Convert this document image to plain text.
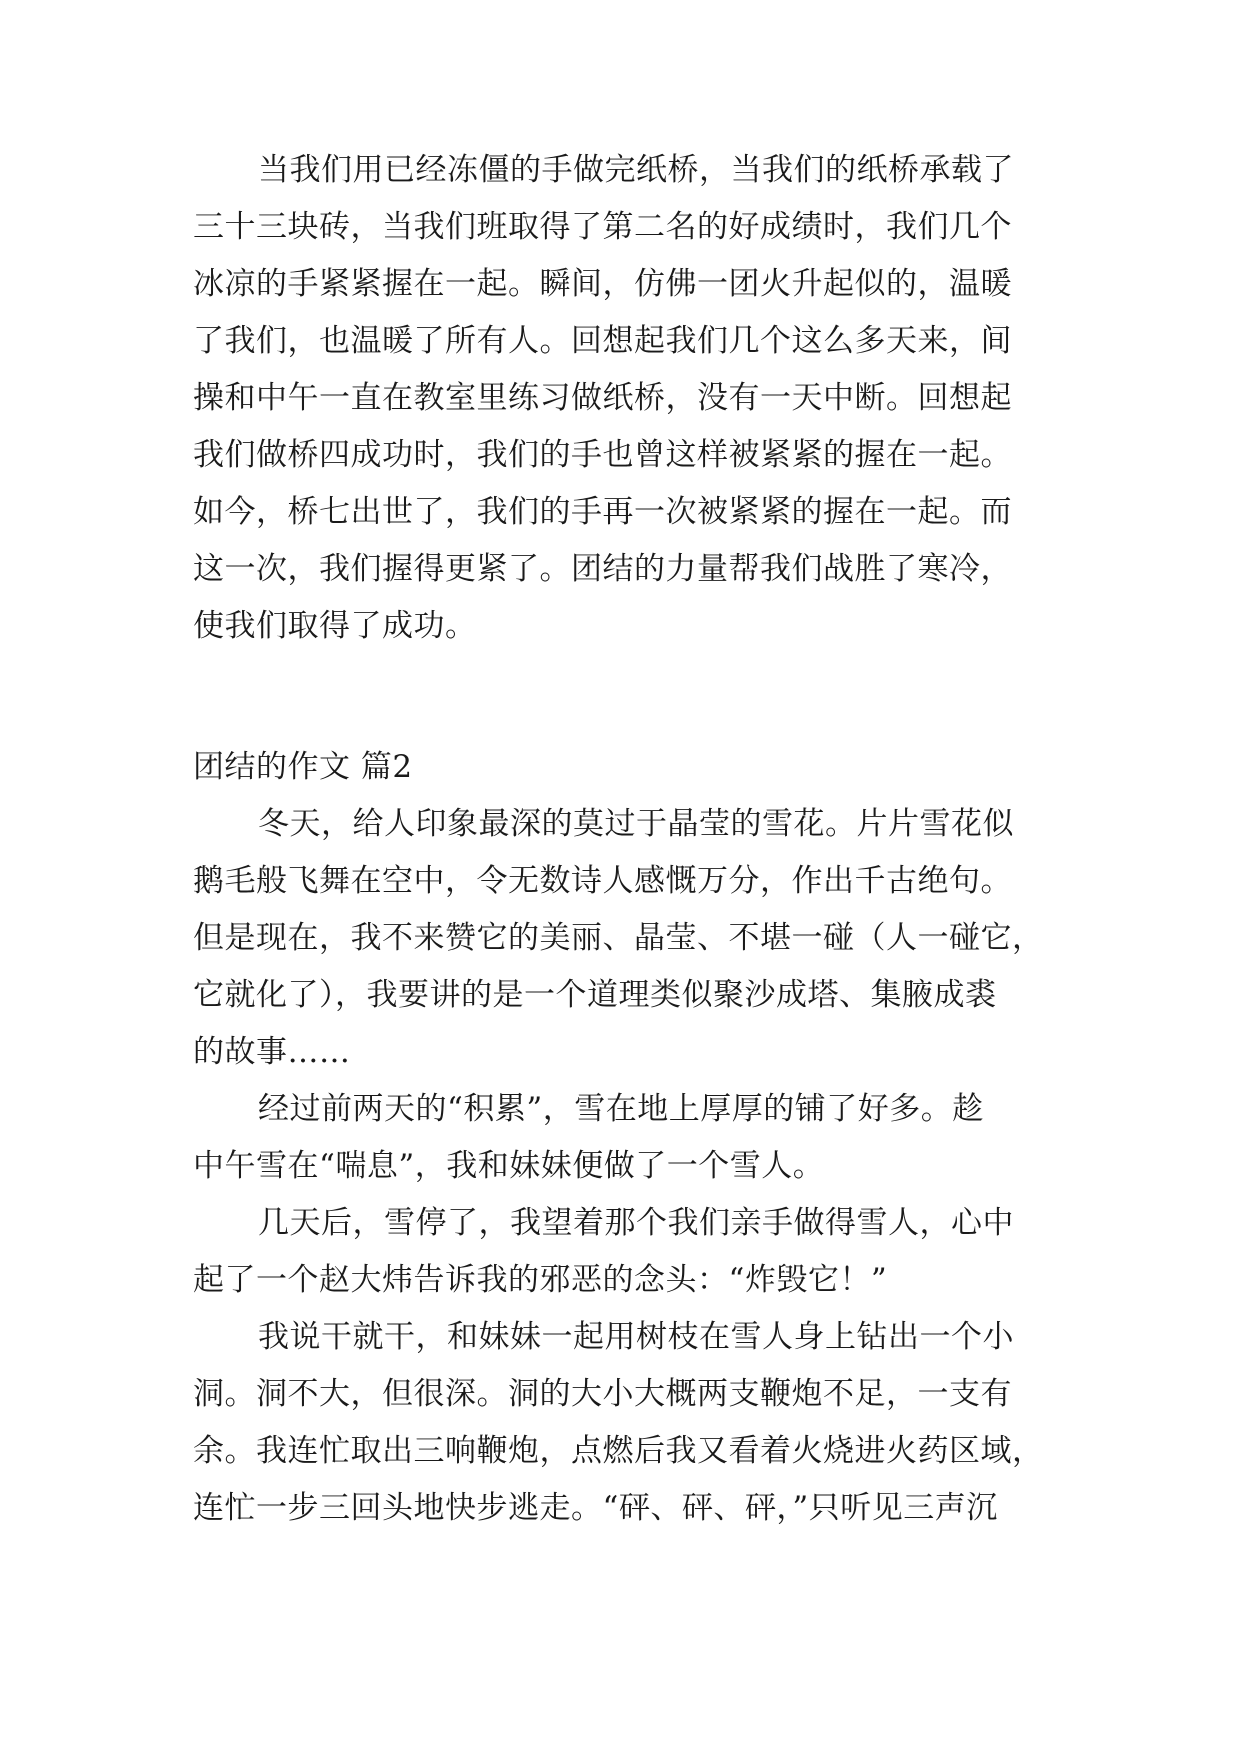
当我们用已经冻僵的手做完纸桥，当我们的纸桥承载了
三十三块砖，当我们班取得了第二名的好成绩时，我们几个
冰凉的手紧紧握在一起。瞬间，仿佛一团火升起似的，温暖
了我们，也温暖了所有人。回想起我们几个这么多天来，间
操和中午一直在教室里练习做纸桥，没有一天中断。回想起
我们做桥四成功时，我们的手也曾这样被紧紧的握在一起。
如今，桥七出世了，我们的手再一次被紧紧的握在一起。而
这一次，我们握得更紧了。团结的力量帮我们战胜了寒冷，
使我们取得了成功。
团结的作文 篇2
冬天，给人印象最深的莫过于晶莹的雪花。片片雪花似
鹅毛般飞舞在空中，令无数诗人感慨万分，作出千古绝句。
但是现在，我不来赞它的美丽、晶莹、不堪一碰（人一碰它，
它就化了），我要讲的是一个道理类似聚沙成塔、集腋成裘
的故事……
经过前两天的“积累”，雪在地上厚厚的铺了好多。趁
中午雪在“喘息”，我和妹妹便做了一个雪人。
几天后，雪停了，我望着那个我们亲手做得雪人，心中
起了一个赵大炜告诉我的邪恶的念头：“炸毁它！”
我说干就干，和妹妹一起用树枝在雪人身上钻出一个小
洞。洞不大，但很深。洞的大小大概两支鞭炮不足，一支有
余。我连忙取出三响鞭炮，点燃后我又看着火烧进火药区域，
连忙一步三回头地快步逃走。“砰、砰、砰，”只听见三声沉
